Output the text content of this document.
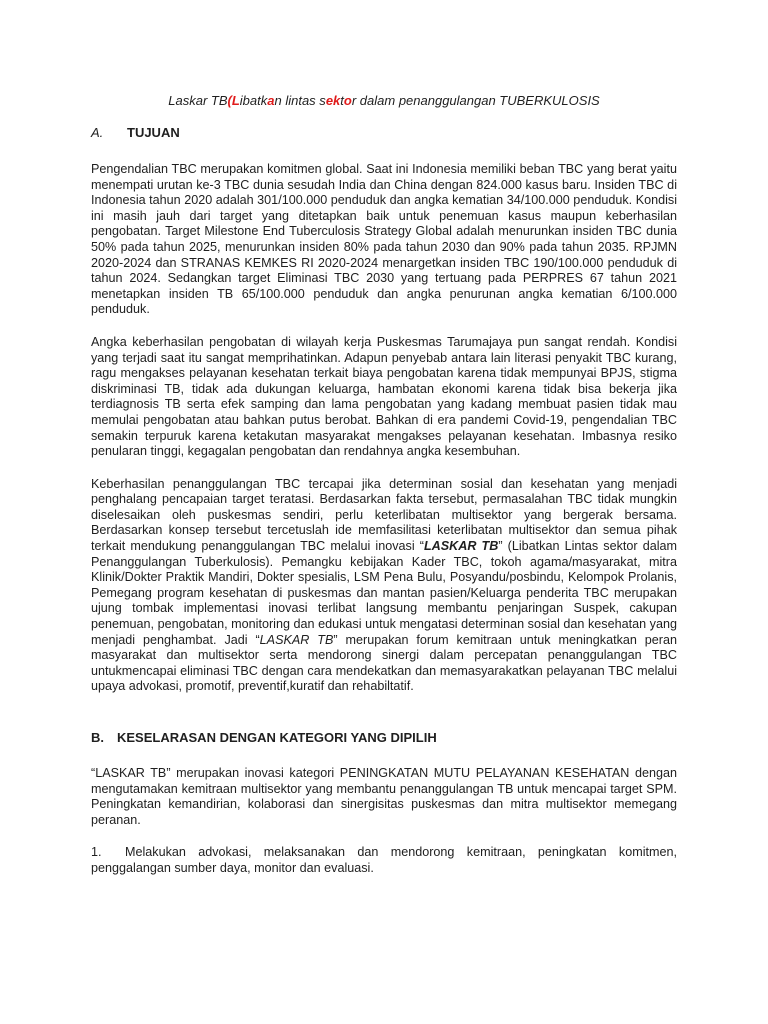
Laskar TB(Libatkan lintas sektor dalam penanggulangan TUBERKULOSIS
A.	TUJUAN

Pengendalian TBC merupakan komitmen global. Saat ini Indonesia memiliki beban TBC yang berat yaitu menempati urutan ke-3 TBC dunia sesudah India dan China dengan 824.000 kasus baru. Insiden TBC di Indonesia tahun 2020 adalah 301/100.000 penduduk dan angka kematian 34/100.000 penduduk. Kondisi ini masih jauh dari target yang ditetapkan baik untuk penemuan kasus maupun keberhasilan pengobatan. Target Milestone End Tuberculosis Strategy Global adalah menurunkan insiden TBC dunia 50% pada tahun 2025, menurunkan insiden 80% pada tahun 2030 dan 90% pada tahun 2035. RPJMN 2020-2024 dan STRANAS KEMKES RI 2020-2024 menargetkan insiden TBC 190/100.000 penduduk di tahun 2024. Sedangkan target Eliminasi TBC 2030 yang tertuang pada PERPRES 67 tahun 2021 menetapkan insiden TB 65/100.000 penduduk dan angka penurunan angka kematian 6/100.000 penduduk.

Angka keberhasilan pengobatan di wilayah kerja Puskesmas Tarumajaya pun sangat rendah. Kondisi yang terjadi saat itu sangat memprihatinkan. Adapun penyebab antara lain literasi penyakit TBC kurang, ragu mengakses pelayanan kesehatan terkait biaya pengobatan karena tidak mempunyai BPJS, stigma diskriminasi TB, tidak ada dukungan keluarga, hambatan ekonomi karena tidak bisa bekerja jika terdiagnosis TB serta efek samping dan lama pengobatan yang kadang membuat pasien tidak mau memulai pengobatan atau bahkan putus berobat. Bahkan di era pandemi Covid-19, pengendalian TBC semakin terpuruk karena ketakutan masyarakat mengakses pelayanan kesehatan. Imbasnya resiko penularan tinggi, kegagalan pengobatan dan rendahnya angka kesembuhan.

Keberhasilan penanggulangan TBC tercapai jika determinan sosial dan kesehatan yang menjadi penghalang pencapaian target teratasi. Berdasarkan fakta tersebut, permasalahan TBC tidak mungkin diselesaikan oleh puskesmas sendiri, perlu keterlibatan multisektor yang bergerak bersama. Berdasarkan konsep tersebut tercetuslah ide memfasilitasi keterlibatan multisektor dan semua pihak terkait mendukung penanggulangan TBC melalui inovasi “LASKAR TB” (Libatkan Lintas sektor dalam Penanggulangan Tuberkulosis). Pemangku kebijakan Kader TBC, tokoh agama/masyarakat, mitra Klinik/Dokter Praktik Mandiri, Dokter spesialis, LSM Pena Bulu, Posyandu/posbindu, Kelompok Prolanis, Pemegang program kesehatan di puskesmas dan mantan pasien/Keluarga penderita TBC merupakan ujung tombak implementasi inovasi terlibat langsung membantu penjaringan Suspek, cakupan penemuan, pengobatan, monitoring dan edukasi untuk mengatasi determinan sosial dan kesehatan yang menjadi penghambat. Jadi “LASKAR TB” merupakan forum kemitraan untuk meningkatkan peran masyarakat dan multisektor serta mendorong sinergi dalam percepatan penanggulangan TBC untukmencapai eliminasi TBC dengan cara mendekatkan dan memasyarakatkan pelayanan TBC melalui upaya advokasi, promotif, preventif,kuratif dan rehabiltatif.

B.	KESELARASAN DENGAN KATEGORI YANG DIPILIH

“LASKAR TB” merupakan inovasi kategori PENINGKATAN MUTU PELAYANAN KESEHATAN dengan mengutamakan kemitraan multisektor yang membantu penanggulangan TB untuk mencapai target SPM. Peningkatan kemandirian, kolaborasi dan sinergisitas puskesmas dan mitra multisektor memegang peranan.

1. Melakukan advokasi, melaksanakan dan mendorong kemitraan, peningkatan komitmen, penggalangan sumber daya, monitor dan evaluasi.
